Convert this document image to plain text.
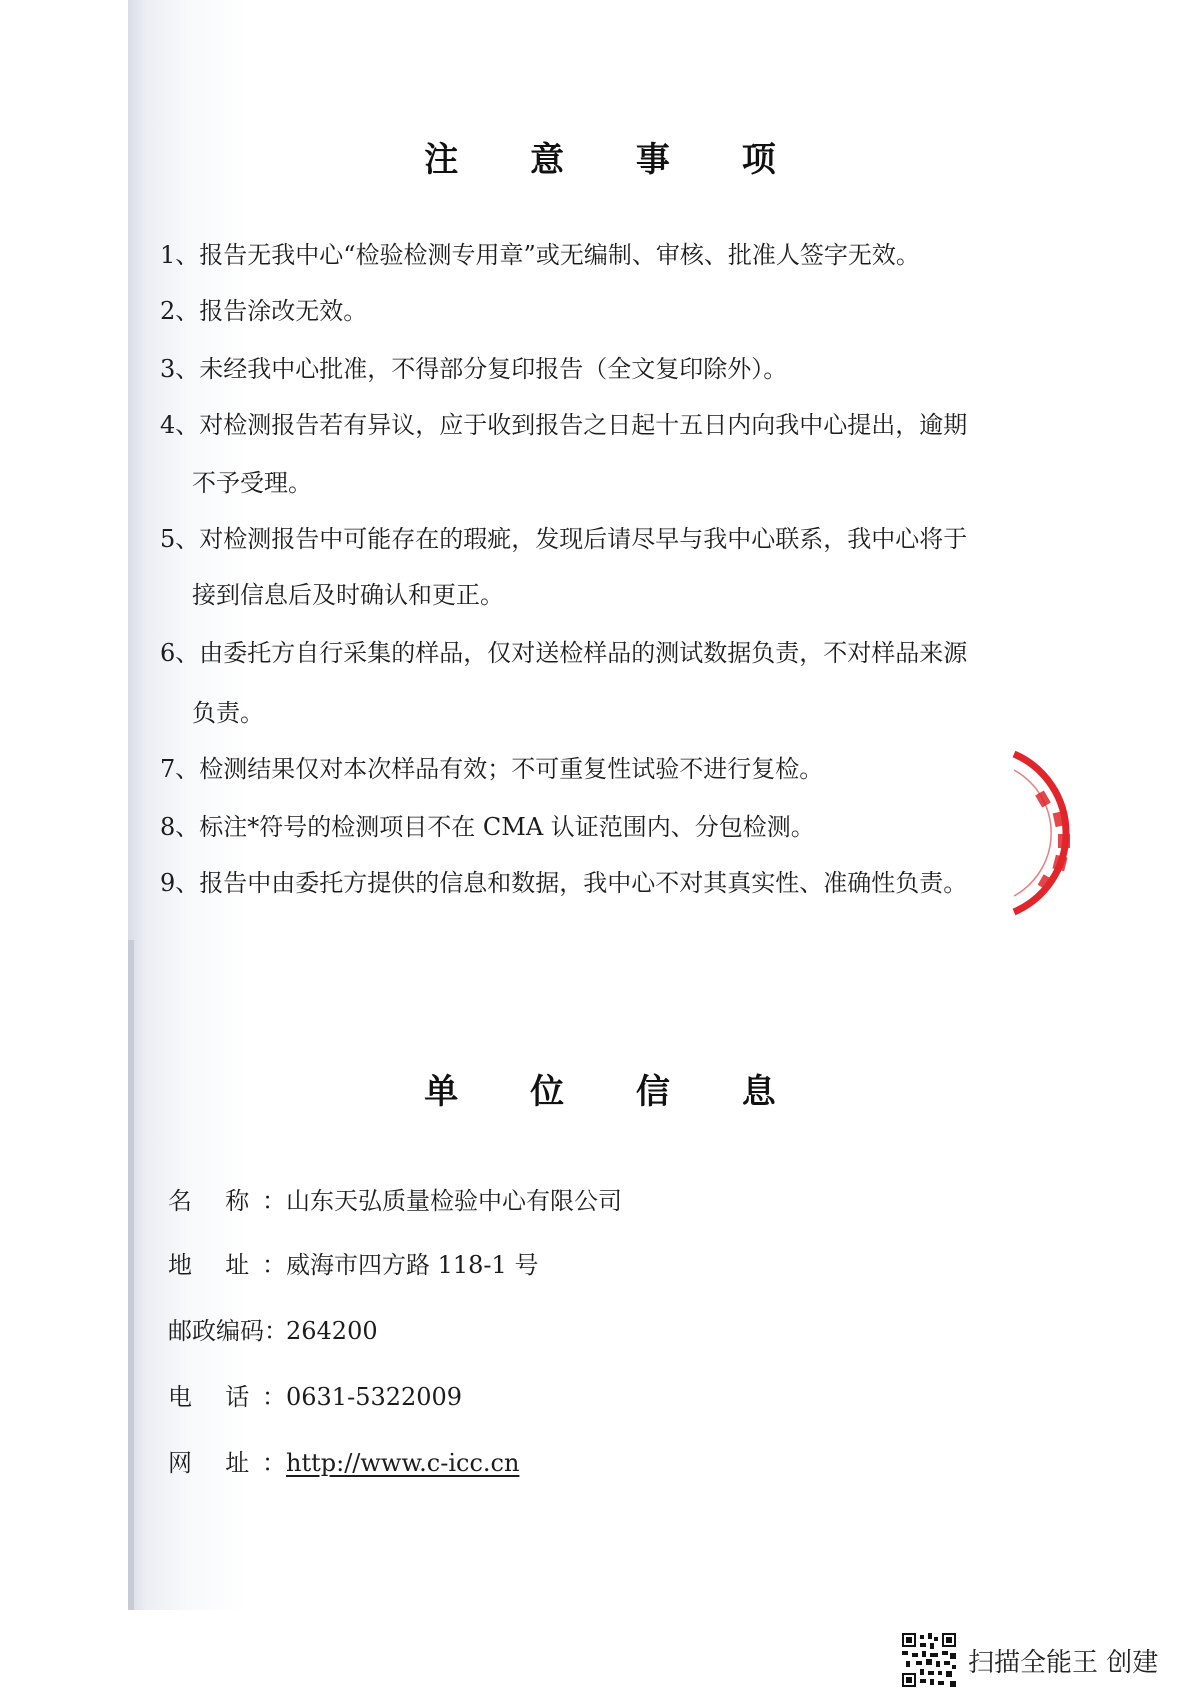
注 意 事 项
1、报告无我中心“检验检测专用章”或无编制、审核、批准人签字无效。
2、报告涂改无效。
3、未经我中心批准，不得部分复印报告（全文复印除外）。
4、对检测报告若有异议，应于收到报告之日起十五日内向我中心提出，逾期
不予受理。
5、对检测报告中可能存在的瑕疵，发现后请尽早与我中心联系，我中心将于
接到信息后及时确认和更正。
6、由委托方自行采集的样品，仅对送检样品的测试数据负责，不对样品来源
负责。
7、检测结果仅对本次样品有效；不可重复性试验不进行复检。
8、标注*符号的检测项目不在 CMA 认证范围内、分包检测。
9、报告中由委托方提供的信息和数据，我中心不对其真实性、准确性负责。
单 位 信 息
名 称：山东天弘质量检验中心有限公司
地 址：威海市四方路 118-1 号
邮政编码：264200
电 话：0631-5322009
网 址：http://www.c-icc.cn
扫描全能王 创建
